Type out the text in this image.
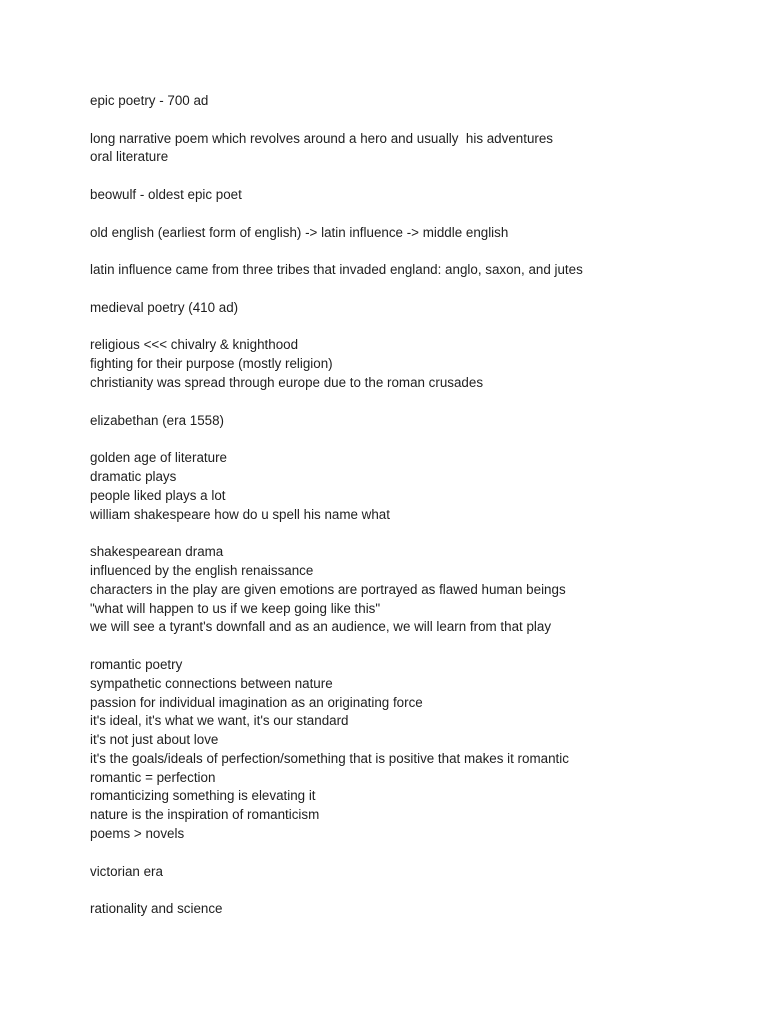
epic poetry - 700 ad
long narrative poem which revolves around a hero and usually  his adventures
oral literature
beowulf - oldest epic poet
old english (earliest form of english) -> latin influence -> middle english
latin influence came from three tribes that invaded england: anglo, saxon, and jutes
medieval poetry (410 ad)
religious <<< chivalry & knighthood
fighting for their purpose (mostly religion)
christianity was spread through europe due to the roman crusades
elizabethan (era 1558)
golden age of literature
dramatic plays
people liked plays a lot
william shakespeare how do u spell his name what
shakespearean drama
influenced by the english renaissance
characters in the play are given emotions are portrayed as flawed human beings
"what will happen to us if we keep going like this"
we will see a tyrant's downfall and as an audience, we will learn from that play
romantic poetry
sympathetic connections between nature
passion for individual imagination as an originating force
it's ideal, it's what we want, it's our standard
it's not just about love
it's the goals/ideals of perfection/something that is positive that makes it romantic
romantic = perfection
romanticizing something is elevating it
nature is the inspiration of romanticism
poems > novels
victorian era
rationality and science
